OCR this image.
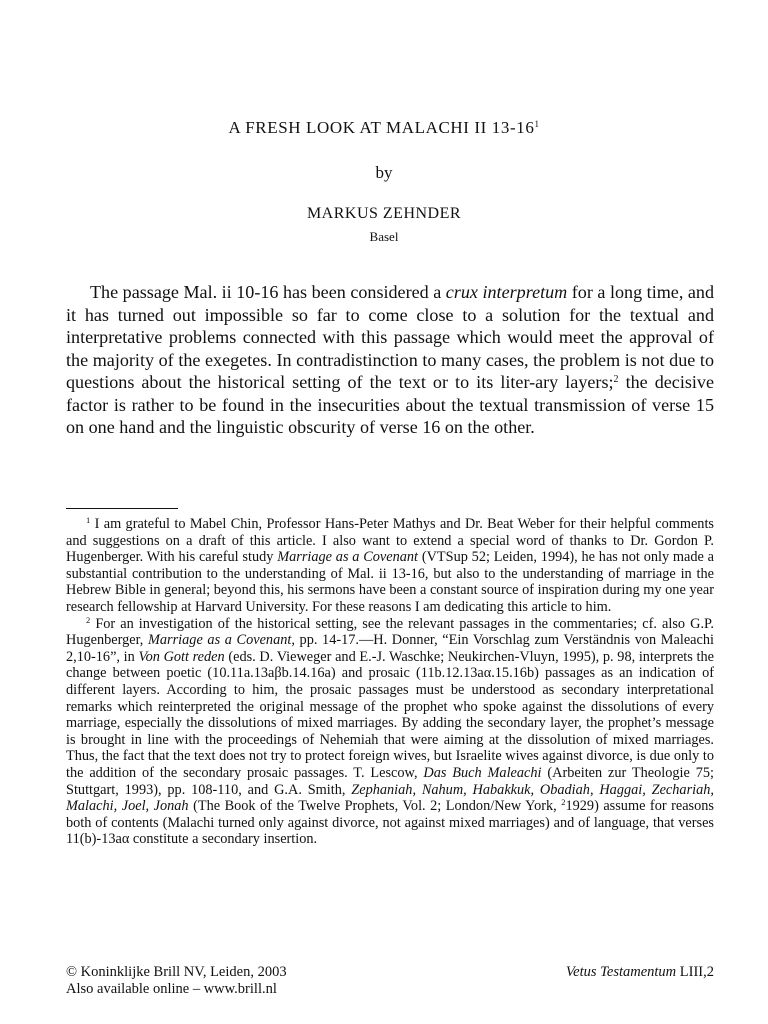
A FRESH LOOK AT MALACHI II $13-16^1$
by
MARKUS ZEHNDER
Basel

The passage Mal. ii 10-16 has been considered a crux interpretum for a long time, and it has turned out impossible so far to come close to a solution for the textual and interpretative problems connected with this passage which would meet the approval of the majority of the exegetes. In contradistinction to many cases, the problem is not due to questions about the historical setting of the text or to its liter-ary layers;$^2$ the decisive factor is rather to be found in the insecurities about the textual transmission of verse 15 on one hand and the linguistic obscurity of verse 16 on the other.

$^1$ I am grateful to Mabel Chin, Professor Hans-Peter Mathys and Dr. Beat Weber for their helpful comments and suggestions on a draft of this article. I also want to extend a special word of thanks to Dr. Gordon P. Hugenberger. With his careful study Marriage as a Covenant (VTSup 52; Leiden, 1994), he has not only made a substantial contribution to the understanding of Mal. ii 13-16, but also to the understanding of marriage in the Hebrew Bible in general; beyond this, his sermons have been a constant source of inspiration during my one year research fellowship at Harvard University. For these reasons I am dedicating this article to him.

$^2$ For an investigation of the historical setting, see the relevant passages in the commentaries; cf. also G.P. Hugenberger, Marriage as a Covenant, pp. 14-17.—H. Donner, “Ein Vorschlag zum Verständnis von Maleachi 2,10-16”, in Von Gott reden (eds. D. Vieweger and E.-J. Waschke; Neukirchen-Vluyn, 1995), p. 98, interprets the change between poetic (10.11a.13aβb.14.16a) and prosaic (11b.12.13aα.15.16b) passages as an indication of different layers. According to him, the prosaic passages must be understood as secondary interpretational remarks which reinterpreted the original message of the prophet who spoke against the dissolutions of every marriage, especially the dissolutions of mixed marriages. By adding the secondary layer, the prophet’s message is brought in line with the proceedings of Nehemiah that were aiming at the dissolution of mixed marriages. Thus, the fact that the text does not try to protect foreign wives, but Israelite wives against divorce, is due only to the addition of the secondary prosaic passages. T. Lescow, Das Buch Maleachi (Arbeiten zur Theologie 75; Stuttgart, 1993), pp. 108-110, and G.A. Smith, Zephaniah, Nahum, Habakkuk, Obadiah, Haggai, Zechariah, Malachi, Joel, Jonah (The Book of the Twelve Prophets, Vol. 2; London/New York, $^2$1929) assume for reasons both of contents (Malachi turned only against divorce, not against mixed marriages) and of language, that verses 11(b)-13aα constitute a secondary insertion.

© Koninklijke Brill NV, Leiden, 2003
Also available online – www.brill.nl
Vetus Testamentum LIII,2
